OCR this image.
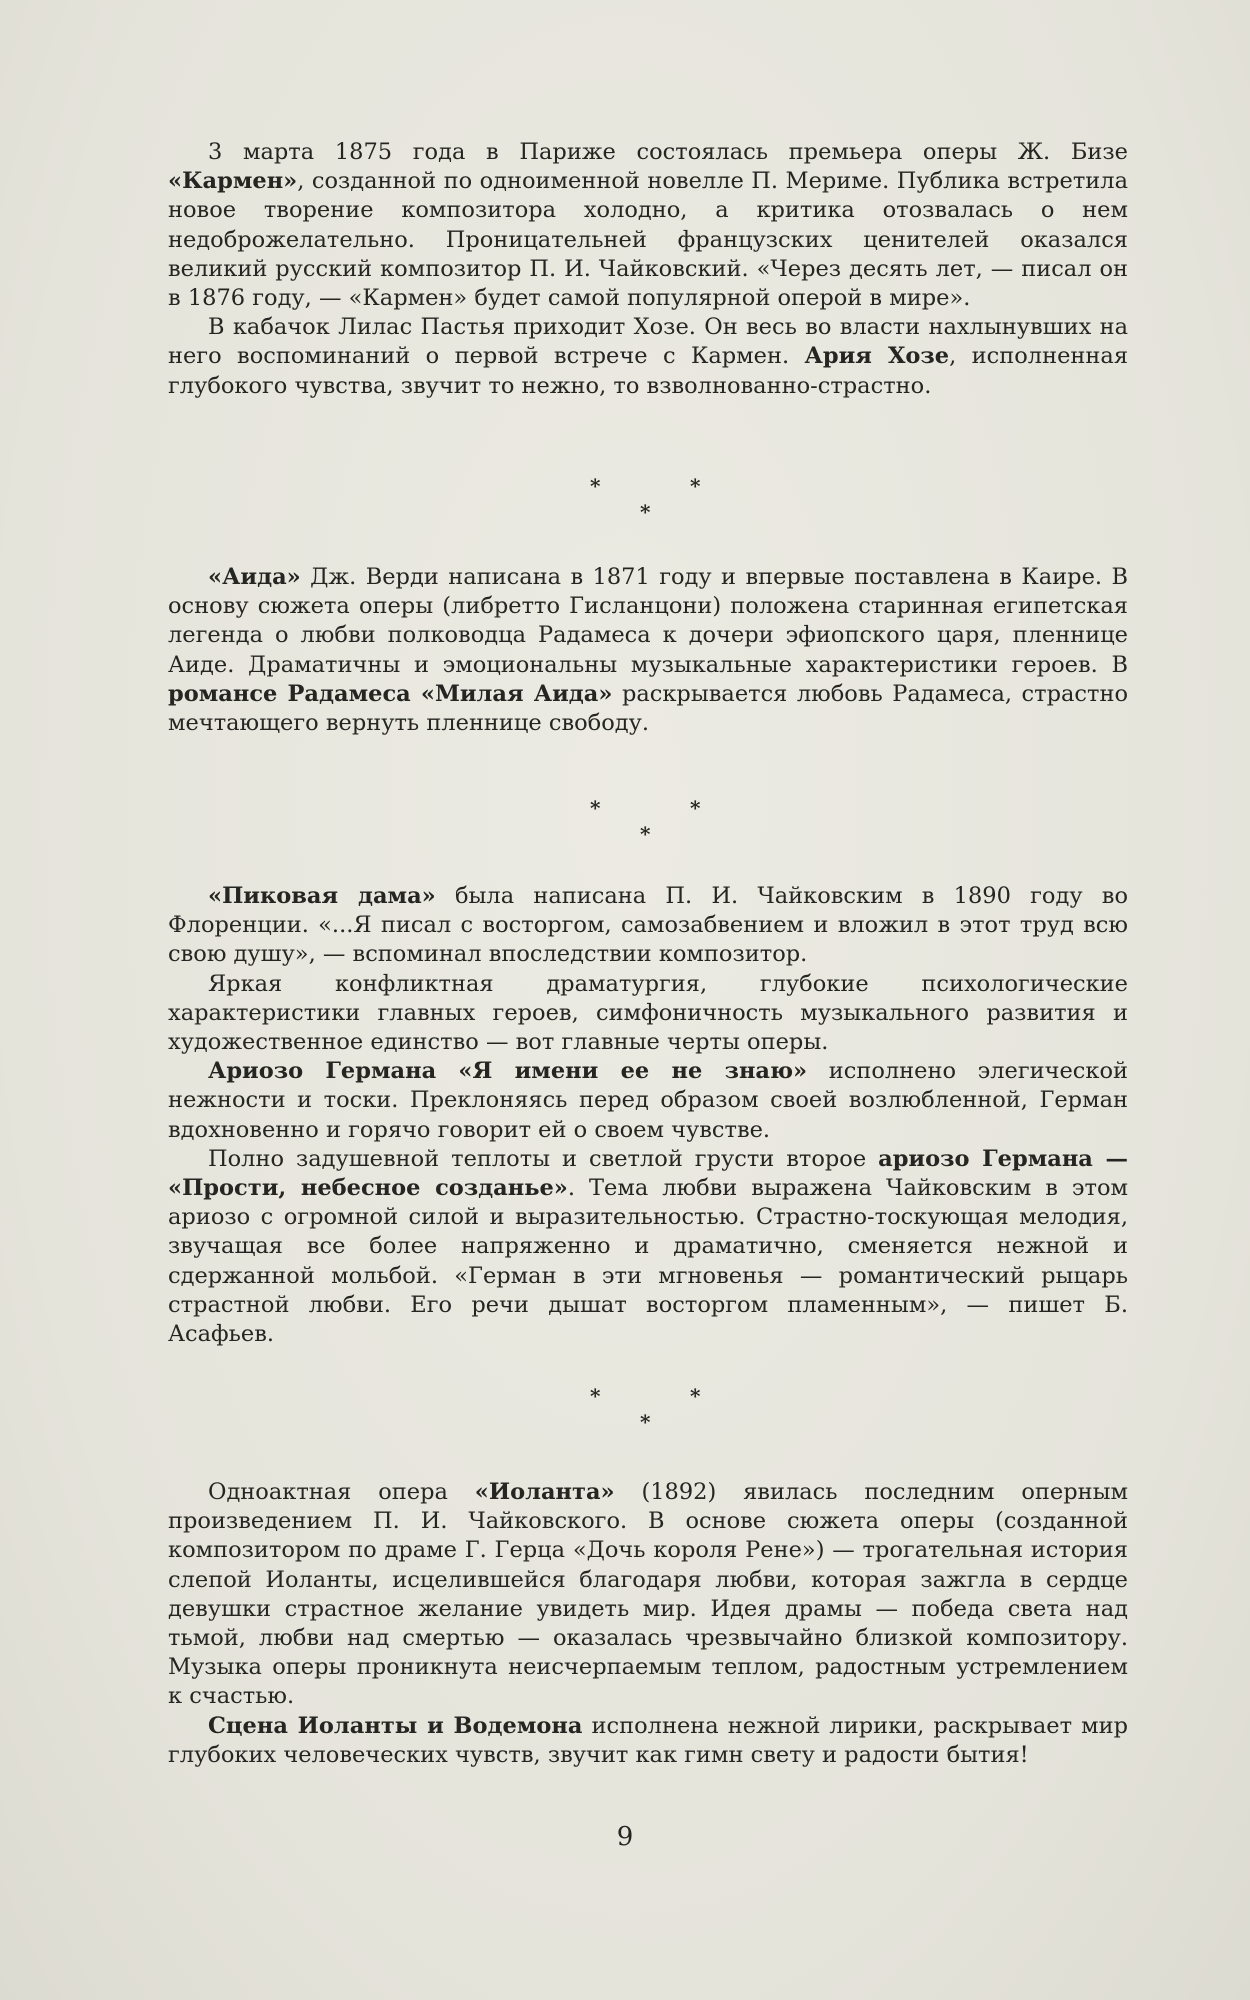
3 марта 1875 года в Париже состоялась премьера оперы Ж. Бизе «Кармен», созданной по одноименной новелле П. Мериме. Публика встретила новое творение композитора холодно, а критика отозвалась о нем недоброжелательно. Проницательней французских ценителей оказался великий русский композитор П. И. Чайковский. «Через десять лет, — писал он в 1876 году, — «Кармен» будет самой популярной оперой в мире».

В кабачок Лилас Пастья приходит Хозе. Он весь во власти нахлынувших на него воспоминаний о первой встрече с Кармен. Ария Хозе, исполненная глубокого чувства, звучит то нежно, то взволнованно-страстно.

*	*
*

«Аида» Дж. Верди написана в 1871 году и впервые поставлена в Каире. В основу сюжета оперы (либретто Гисланцони) положена старинная египетская легенда о любви полководца Радамеса к дочери эфиопского царя, пленнице Аиде. Драматичны и эмоциональны музыкальные характеристики героев. В романсе Радамеса «Милая Аида» раскрывается любовь Радамеса, страстно мечтающего вернуть пленнице свободу.

*	*
*

«Пиковая дама» была написана П. И. Чайковским в 1890 году во Флоренции. «...Я писал с восторгом, самозабвением и вложил в этот труд всю свою душу», — вспоминал впоследствии композитор.

Яркая конфликтная драматургия, глубокие психологические характеристики главных героев, симфоничность музыкального развития и художественное единство — вот главные черты оперы.

Ариозо Германа «Я имени ее не знаю» исполнено элегической нежности и тоски. Преклоняясь перед образом своей возлюбленной, Герман вдохновенно и горячо говорит ей о своем чувстве.

Полно задушевной теплоты и светлой грусти второе ариозо Германа — «Прости, небесное созданье». Тема любви выражена Чайковским в этом ариозо с огромной силой и выразительностью. Страстно-тоскующая мелодия, звучащая все более напряженно и драматично, сменяется нежной и сдержанной мольбой. «Герман в эти мгновенья — романтический рыцарь страстной любви. Его речи дышат восторгом пламенным», — пишет Б. Асафьев.

*	*
*

Одноактная опера «Иоланта» (1892) явилась последним оперным произведением П. И. Чайковского. В основе сюжета оперы (созданной композитором по драме Г. Герца «Дочь короля Рене») — трогательная история слепой Иоланты, исцелившейся благодаря любви, которая зажгла в сердце девушки страстное желание увидеть мир. Идея драмы — победа света над тьмой, любви над смертью — оказалась чрезвычайно близкой композитору. Музыка оперы проникнута неисчерпаемым теплом, радостным устремлением к счастью.

Сцена Иоланты и Водемона исполнена нежной лирики, раскрывает мир глубоких человеческих чувств, звучит как гимн свету и радости бытия!

9
